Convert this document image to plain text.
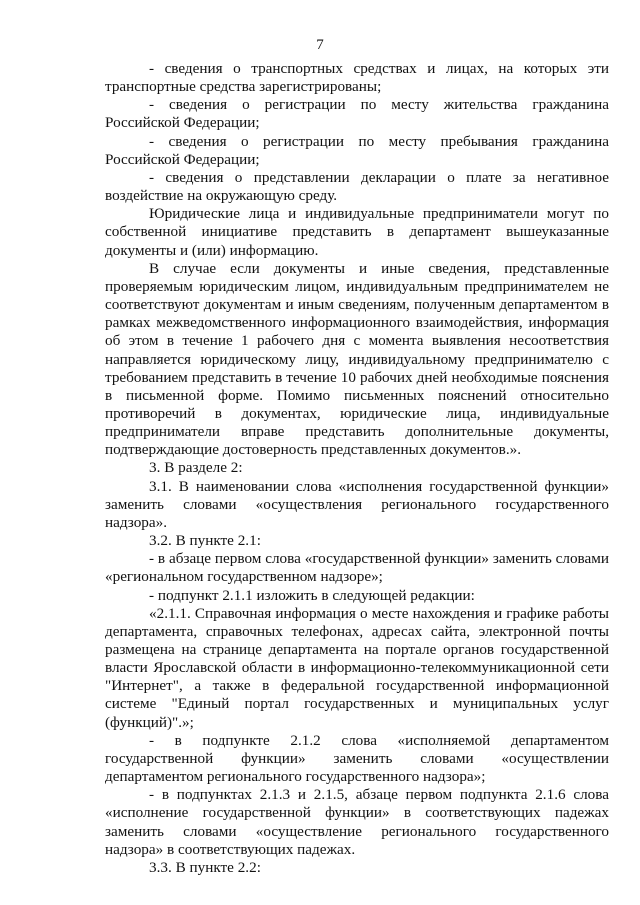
7

- сведения о транспортных средствах и лицах, на которых эти транспортные средства зарегистрированы;

- сведения о регистрации по месту жительства гражданина Российской Федерации;

- сведения о регистрации по месту пребывания гражданина Российской Федерации;

- сведения о представлении декларации о плате за негативное воздействие на окружающую среду.

Юридические лица и индивидуальные предприниматели могут по собственной инициативе представить в департамент вышеуказанные документы и (или) информацию.

В случае если документы и иные сведения, представленные проверяемым юридическим лицом, индивидуальным предпринимателем не соответствуют документам и иным сведениям, полученным департаментом в рамках межведомственного информационного взаимодействия, информация об этом в течение 1 рабочего дня с момента выявления несоответствия направляется юридическому лицу, индивидуальному предпринимателю с требованием представить в течение 10 рабочих дней необходимые пояснения в письменной форме. Помимо письменных пояснений относительно противоречий в документах, юридические лица, индивидуальные предприниматели вправе представить дополнительные документы, подтверждающие достоверность представленных документов.».

3. В разделе 2:

3.1. В наименовании слова «исполнения государственной функции» заменить словами «осуществления регионального государственного надзора».

3.2. В пункте 2.1:

- в абзаце первом слова «государственной функции» заменить словами «региональном государственном надзоре»;

- подпункт 2.1.1 изложить в следующей редакции:

«2.1.1. Справочная информация о месте нахождения и графике работы департамента, справочных телефонах, адресах сайта, электронной почты размещена на странице департамента на портале органов государственной власти Ярославской области в информационно-телекоммуникационной сети "Интернет", а также в федеральной государственной информационной системе "Единый портал государственных и муниципальных услуг (функций)".»;

- в подпункте 2.1.2 слова «исполняемой департаментом государственной функции» заменить словами «осуществлении департаментом регионального государственного надзора»;

- в подпунктах 2.1.3 и 2.1.5, абзаце первом подпункта 2.1.6 слова «исполнение государственной функции» в соответствующих падежах заменить словами «осуществление регионального государственного надзора» в соответствующих падежах.

3.3. В пункте 2.2:
